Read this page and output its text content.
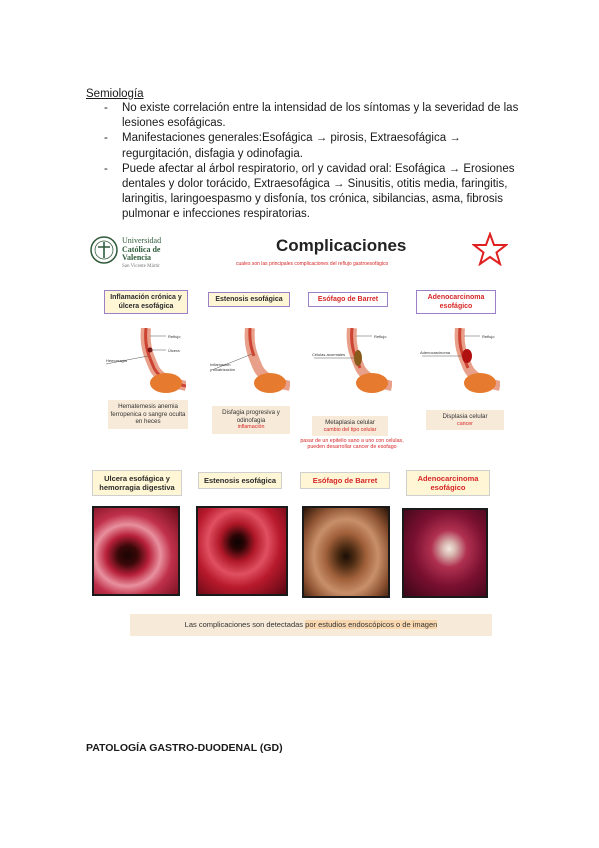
Semiología
- No existe correlación entre la intensidad de los síntomas y la severidad de las lesiones esofágicas.
- Manifestaciones generales:Esofágica → pirosis, Extraesofágica → regurgitación, disfagia y odinofagia.
- Puede afectar al árbol respiratorio, orl y cavidad oral: Esofágica → Erosiones dentales y dolor torácido, Extraesofágica → Sinusitis, otitis media, faringitis, laringitis, laringoespasmo y disfonía, tos crónica, sibilancias, asma, fibrosis pulmonar e infecciones respiratorias.
Universidad
Católica de
Valencia
San Vicente Mártir
Complicaciones
cuales son las principales complicaciones del reflujo gastroesofágico
Inflamación crónica y úlcera esofágica
Estenosis esofágica	Esófago de Barret	Adenocarcinoma esofágico
Reflujo
Úlcera
Hemorragia
Inflamación
y cicatrización
Reflujo
Células anormales
Reflujo
Adenocarcinoma
Hematemesis anemia ferropenica o sangre oculta en heces
Disfagia progresiva y odinofagia
inflamación
Metaplasia celular
cambio del tipo celular
pasar de un epitelio sano a uno con celulas, pueden desarrollar cancer de esofago
Displasia celular
cancer
Ulcera esofágica y hemorragia digestiva
Estenosis esofágica	Esófago de Barret	Adenocarcinoma esofágico
Las complicaciones son detectadas por estudios endoscópicos o de imagen
PATOLOGÍA GASTRO-DUODENAL (GD)
